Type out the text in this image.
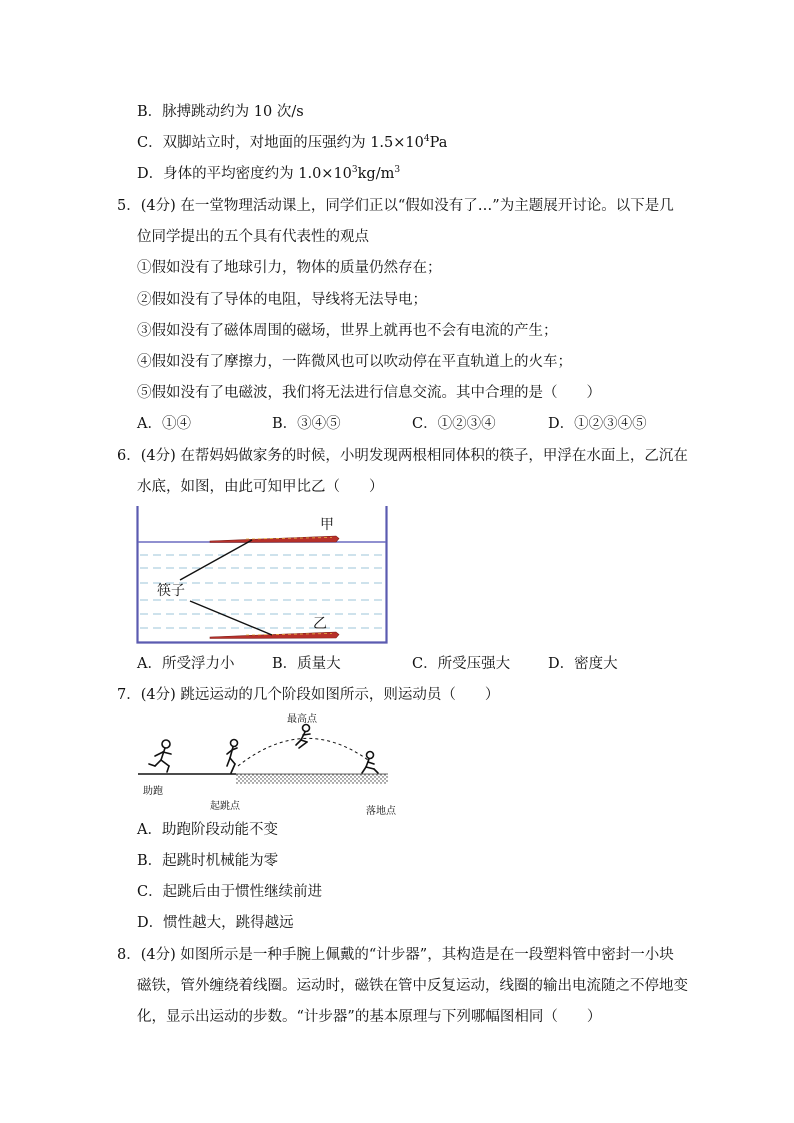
B．脉搏跳动约为 10 次/s
C．双脚站立时，对地面的压强约为 $1.5\times 10^4Pa$
D．身体的平均密度约为 $1.0\times 10^3kg/m^3$
5．(4分) 在一堂物理活动课上，同学们正以“假如没有了…”为主题展开讨论。以下是几
位同学提出的五个具有代表性的观点
①假如没有了地球引力，物体的质量仍然存在；
②假如没有了导体的电阻，导线将无法导电；
③假如没有了磁体周围的磁场，世界上就再也不会有电流的产生；
④假如没有了摩擦力，一阵微风也可以吹动停在平直轨道上的火车；
⑤假如没有了电磁波，我们将无法进行信息交流。其中合理的是（　　）
A．①④	B．③④⑤	C．①②③④	D．①②③④⑤
6．(4分) 在帮妈妈做家务的时候，小明发现两根相同体积的筷子，甲浮在水面上，乙沉在
水底，如图，由此可知甲比乙（　　）
甲
筷子
乙
A．所受浮力小	B．质量大	C．所受压强大	D．密度大
7．(4分) 跳远运动的几个阶段如图所示，则运动员（　　）
最高点
助跑
起跳点	落地点
A．助跑阶段动能不变
B．起跳时机械能为零
C．起跳后由于惯性继续前进
D．惯性越大，跳得越远
8．(4分) 如图所示是一种手腕上佩戴的“计步器”，其构造是在一段塑料管中密封一小块
磁铁，管外缠绕着线圈。运动时，磁铁在管中反复运动，线圈的输出电流随之不停地变
化，显示出运动的步数。“计步器”的基本原理与下列哪幅图相同（　　）
